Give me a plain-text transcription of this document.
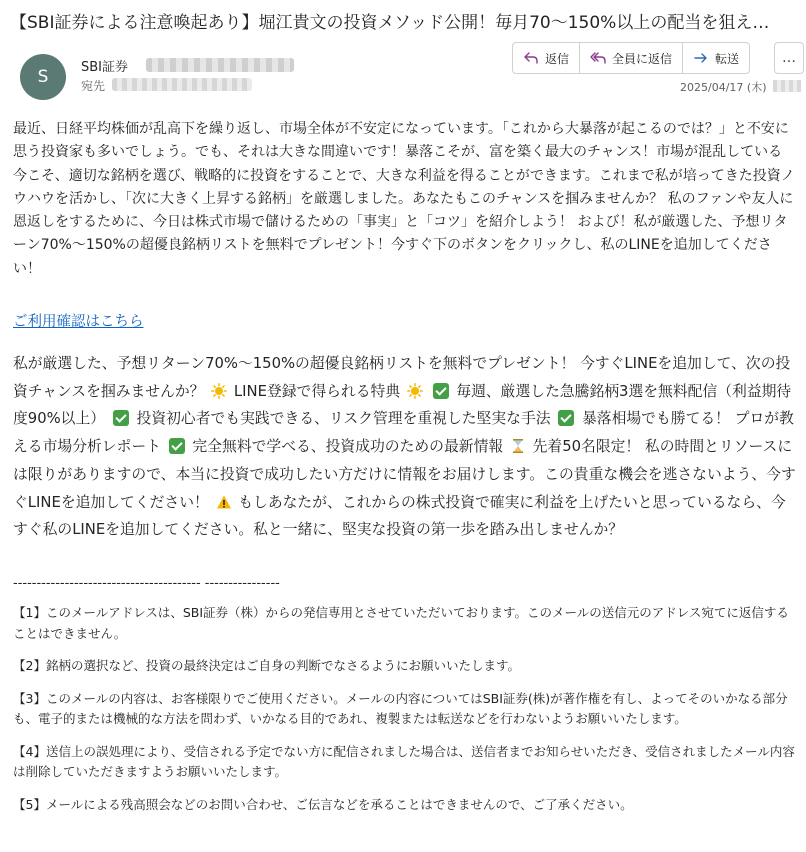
【SBI証券による注意喚起あり】堀江貴文の投資メソッド公開！毎月70〜150%以上の配当を狙え…
S	SBI証券
宛先
返信	全員に返信	転送	…
2025/04/17 (木)
最近、日経平均株価が乱高下を繰り返し、市場全体が不安定になっています。「これから大暴落が起こるのでは？」と不安に思う投資家も多いでしょう。でも、それは大きな間違いです！暴落こそが、富を築く最大のチャンス！市場が混乱している今こそ、適切な銘柄を選び、戦略的に投資をすることで、大きな利益を得ることができます。これまで私が培ってきた投資ノウハウを活かし、「次に大きく上昇する銘柄」を厳選しました。あなたもこのチャンスを掴みませんか？ 私のファンや友人に恩返しをするために、今日は株式市場で儲けるための「事実」と「コツ」を紹介しよう！ および！私が厳選した、予想リターン70%〜150%の超優良銘柄リストを無料でプレゼント！今すぐ下のボタンをクリックし、私のLINEを追加してください！
ご利用確認はこちら
私が厳選した、予想リターン70%〜150%の超優良銘柄リストを無料でプレゼント！ 今すぐLINEを追加して、次の投資チャンスを掴みませんか？ LINE登録で得られる特典	毎週、厳選した急騰銘柄3選を無料配信（利益期待度90%以上） 投資初心者でも実践できる、リスク管理を重視した堅実な手法 暴落相場でも勝てる！ プロが教える市場分析レポート 完全無料で学べる、投資成功のための最新情報 先着50名限定！ 私の時間とリソースには限りがありますので、本当に投資で成功したい方だけに情報をお届けします。この貴重な機会を逃さないよう、今すぐLINEを追加してください！ もしあなたが、これからの株式投資で確実に利益を上げたいと思っているなら、今すぐ私のLINEを追加してください。私と一緒に、堅実な投資の第一歩を踏み出しませんか？
---------------------------------------- ----------------

【1】このメールアドレスは、SBI証券（株）からの発信専用とさせていただいております。このメールの送信元のアドレス宛てに返信することはできません。

【2】銘柄の選択など、投資の最終決定はご自身の判断でなさるようにお願いいたします。

【3】このメールの内容は、お客様限りでご使用ください。メールの内容についてはSBI証券(株)が著作権を有し、よってそのいかなる部分も、電子的または機械的な方法を問わず、いかなる目的であれ、複製または転送などを行わないようお願いいたします。

【4】送信上の誤処理により、受信される予定でない方に配信されました場合は、送信者までお知らせいただき、受信されましたメール内容は削除していただきますようお願いいたします。

【5】メールによる残高照会などのお問い合わせ、ご伝言などを承ることはできませんので、ご了承ください。
